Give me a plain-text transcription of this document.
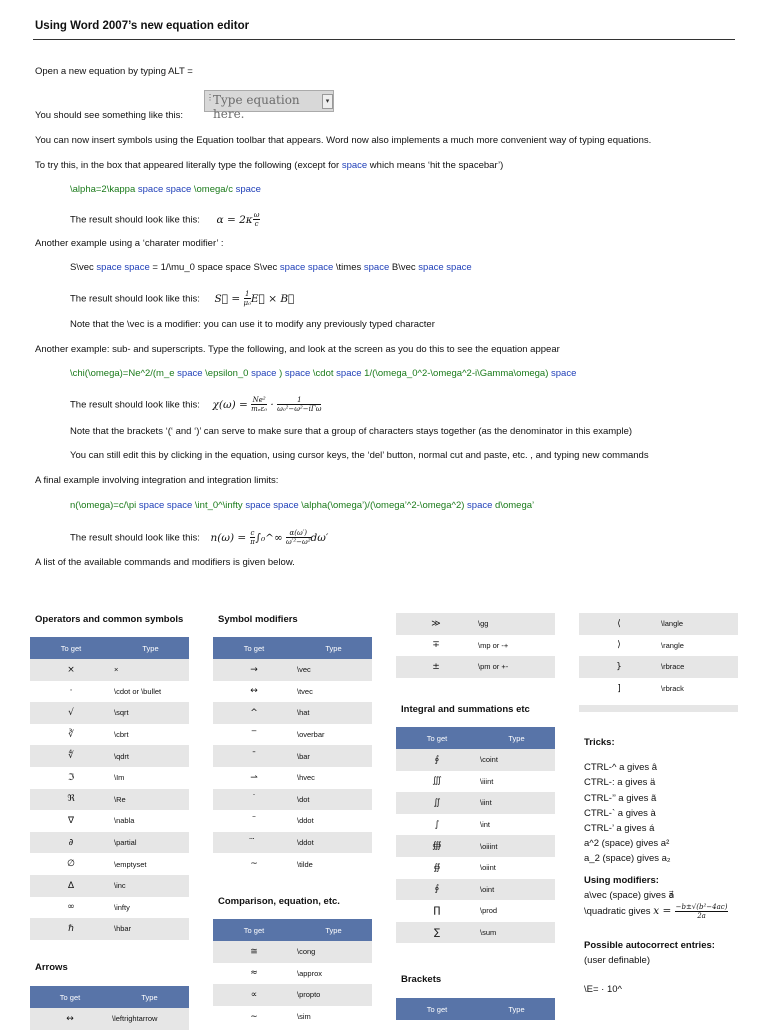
Using Word 2007’s new equation editor
Open a new equation by typing ALT =
You should see something like this:
⋮ Type equation here.
▾
You can now insert symbols using the Equation toolbar that appears. Word now also implements a much more convenient way of typing equations.
To try this, in the box that appeared literally type the following (except for space which means ‘hit the spacebar’)
\alpha=2\kappa space space \omega/c space
The result should look like this: $\alpha = 2\kappa \frac{\omega}{c}$
Another example using a ‘charater modifier’ :
S\vec space space = 1/\mu_0 space space S\vec space space \times space B\vec space space
The result should look like this: S⃗ = $\frac{1}{\text{μ₀}}$ E⃗ × B⃗
Note that the \vec is a modifier: you can use it to modify any previously typed character
Another example: sub- and superscripts. Type the following, and look at the screen as you do this to see the equation appear
\chi(\omega)=Ne^2/(m_e space \epsilon_0 space ) space \cdot space 1/(\omega_0^2-\omega^2-i\Gamma\omega) space
The result should look like this: $\chi(\omega) = \frac{\text{Ne²}}{\text{mₑε₀}} \cdot \frac{1}{\text{ω₀²−ω²−iΓω}}$
Note that the brackets ‘(‘ and ‘)’ can serve to make sure that a group of characters stays together (as the denominator in this example)
You can still edit this by clicking in the equation, using cursor keys, the ‘del’ button, normal cut and paste, etc. , and typing new commands
A final example involving integration and integration limits:
n(\omega)=c/\pi space space \int_0^\infty space space \alpha(\omega’)/(\omega’^2-\omega^2) space d\omega’
The result should look like this: $n(\omega) = \frac{c}{\pi}$ ∫₀^∞ $\frac{\alpha(\omega')}{\text{ω′²−ω²}} d\omega'$
A list of the available commands and modifiers is given below.
Operators and common symbols
To get	Type
×	×
·	\cdot or \bullet
√	\sqrt
∛	\cbrt
∜	\qdrt
ℑ	\Im
ℜ	\Re
∇	\nabla
∂	\partial
∅	\emptyset
∆	\inc
∞	\infty
ℏ	\hbar
Arrows
To get	Type
↔	\leftrightarrow
Symbol modifiers
To get	Type
→	\vec
↔	\tvec
^	\hat
‾	\overbar
¯	\bar
⇀	\hvec
˙	\dot
¨	\ddot
	\ddot
~	\tilde
Comparison, equation, etc.
To get	Type
≅	\cong
≈	\approx
∝	\propto
∼	\sim
≫	\gg
∓	\mp or -+
±	\pm or +-
Integral and summations etc
To get	Type
∮	\coint
∭	\iiint
∬	\iint
∫	\int
∰	\oiiint
∯	\oiint
∮	\oint
∏	\prod
∑	\sum
Brackets
To get	Type
⟨	\langle
⟩	\rangle
}	\rbrace
]	\rbrack
Tricks:
CTRL-^ a gives â
CTRL-: a gives ä
CTRL-’’ a gives ã
CTRL-` a gives à
CTRL-’ a gives á
a^2 (space) gives a²
a_2 (space) gives a₂
Using modifiers:
a\vec (space) gives a⃗
\quadratic gives $x = \frac{\text{−b±√(b²−4ac)}}{2a}$
Possible autocorrect entries:
(user definable)
\E= · 10^
